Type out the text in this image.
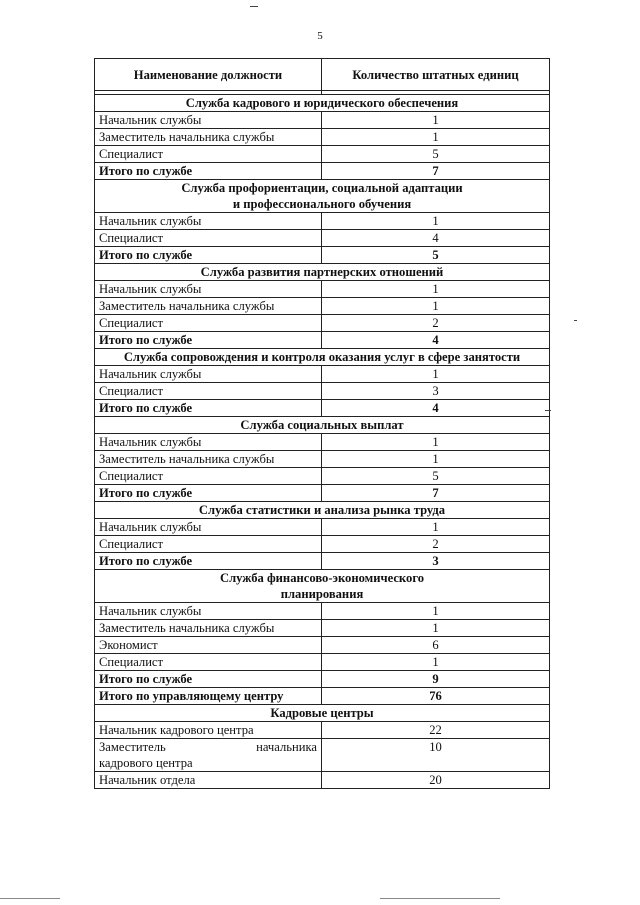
5
Наименование должности	Количество штатных единиц

Служба кадрового и юридического обеспечения	
Начальник службы	1
Заместитель начальника службы	1
Специалист	5
Итого по службе	7
Служба профориентации, социальной адаптации
и профессионального обучения	
Начальник службы	1
Специалист	4
Итого по службе	5
Служба развития партнерских отношений	
Начальник службы	1
Заместитель начальника службы	1
Специалист	2
Итого по службе	4
Служба сопровождения и контроля оказания услуг в сфере занятости	
Начальник службы	1
Специалист	3
Итого по службе	4
Служба социальных выплат	
Начальник службы	1
Заместитель начальника службы	1
Специалист	5
Итого по службе	7
Служба статистики и анализа рынка труда	
Начальник службы	1
Специалист	2
Итого по службе	3
Служба финансово-экономического
планирования	
Начальник службы	1
Заместитель начальника службы	1
Экономист	6
Специалист	1
Итого по службе	9
Итого по управляющему центру	76
Кадровые центры	
Начальник кадрового центра	22

Заместитель начальника
кадрового центра	10
Начальник отдела	20
